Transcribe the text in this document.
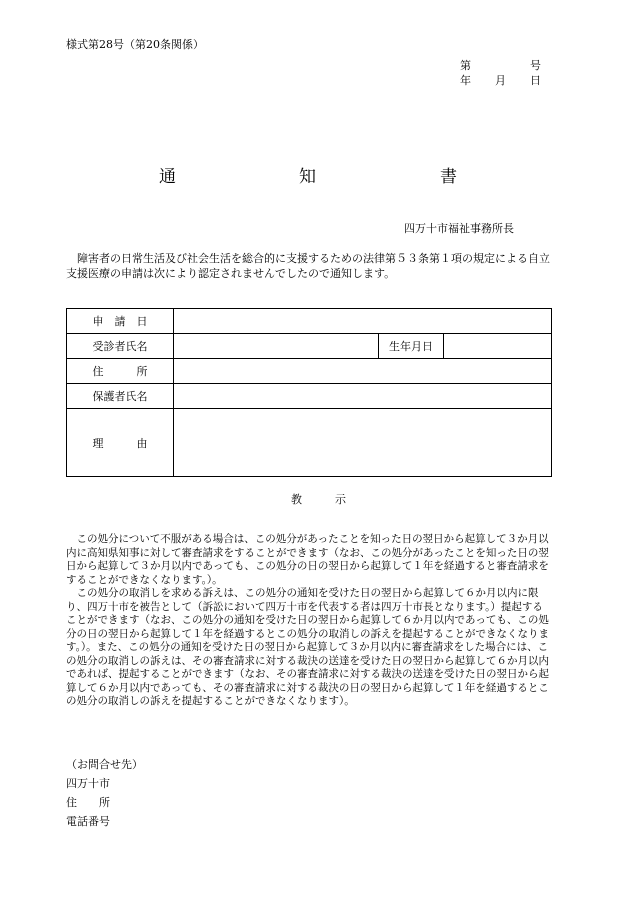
様式第28号（第20条関係）
第	号
年	月	日
通	知	書
四万十市福祉事務所長
障害者の日常生活及び社会生活を総合的に支援するための法律第５３条第１項の規定による自立支援医療の申請は次により認定されませんでしたので通知します。
申　請　日			
受診者氏名		生年月日	
住　　　所			
保護者氏名			
理　　　由			
教　　　示

この処分について不服がある場合は、この処分があったことを知った日の翌日から起算して３か月以内に高知県知事に対して審査請求をすることができます（なお、この処分があったことを知った日の翌日から起算して３か月以内であっても、この処分の日の翌日から起算して１年を経過すると審査請求をすることができなくなります。）。

この処分の取消しを求める訴えは、この処分の通知を受けた日の翌日から起算して６か月以内に限り、四万十市を被告として（訴訟において四万十市を代表する者は四万十市長となります。）提起することができます（なお、この処分の通知を受けた日の翌日から起算して６か月以内であっても、この処分の日の翌日から起算して１年を経過するとこの処分の取消しの訴えを提起することができなくなります。）。また、この処分の通知を受けた日の翌日から起算して３か月以内に審査請求をした場合には、この処分の取消しの訴えは、その審査請求に対する裁決の送達を受けた日の翌日から起算して６か月以内であれば、提起することができます（なお、その審査請求に対する裁決の送達を受けた日の翌日から起算して６か月以内であっても、その審査請求に対する裁決の日の翌日から起算して１年を経過するとこの処分の取消しの訴えを提起することができなくなります）。

（お問合せ先）
四万十市
住　　所
電話番号
